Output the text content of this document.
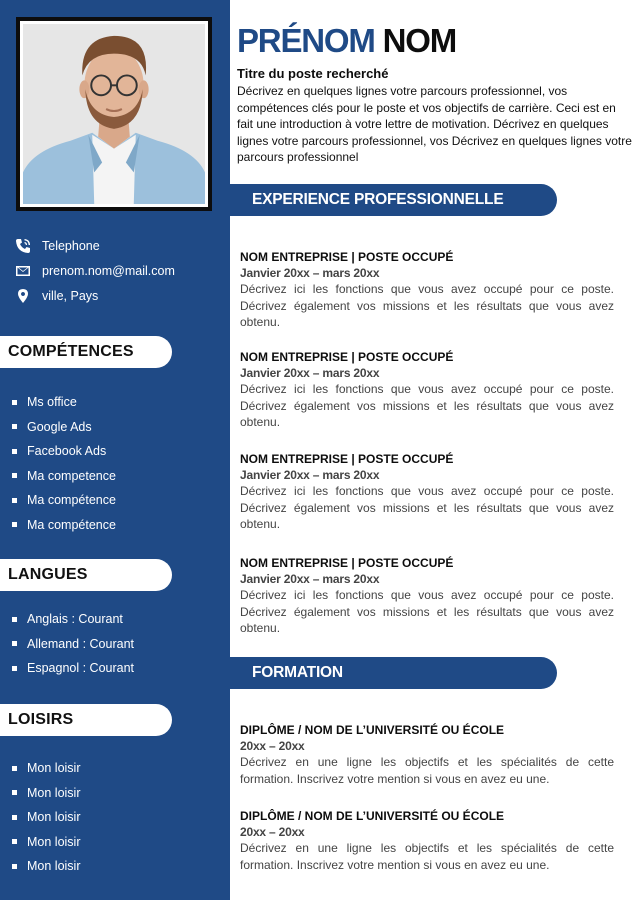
Telephone
prenom.nom@mail.com
ville, Pays
COMPÉTENCES
Ms office
Google Ads
Facebook Ads
Ma competence
Ma compétence
Ma compétence
LANGUES
Anglais : Courant
Allemand : Courant
Espagnol : Courant
LOISIRS
Mon loisir
Mon loisir
Mon loisir
Mon loisir
Mon loisir
PRÉNOM NOM
Titre du poste recherché
Décrivez en quelques lignes votre parcours professionnel, vos compétences clés pour le poste et vos objectifs de carrière. Ceci est en fait une introduction à votre lettre de motivation. Décrivez en quelques lignes votre parcours professionnel, vos Décrivez en quelques lignes votre parcours professionnel
EXPERIENCE PROFESSIONNELLE
NOM ENTREPRISE | POSTE OCCUPÉ
Janvier 20xx – mars 20xx
Décrivez ici les fonctions que vous avez occupé pour ce poste. Décrivez également vos missions et les résultats que vous avez obtenu.
NOM ENTREPRISE | POSTE OCCUPÉ
Janvier 20xx – mars 20xx
Décrivez ici les fonctions que vous avez occupé pour ce poste. Décrivez également vos missions et les résultats que vous avez obtenu.
NOM ENTREPRISE | POSTE OCCUPÉ
Janvier 20xx – mars 20xx
Décrivez ici les fonctions que vous avez occupé pour ce poste. Décrivez également vos missions et les résultats que vous avez obtenu.
NOM ENTREPRISE | POSTE OCCUPÉ
Janvier 20xx – mars 20xx
Décrivez ici les fonctions que vous avez occupé pour ce poste. Décrivez également vos missions et les résultats que vous avez obtenu.
FORMATION
DIPLÔME / NOM DE L’UNIVERSITÉ OU ÉCOLE
20xx – 20xx
Décrivez en une ligne les objectifs et les spécialités de cette formation. Inscrivez votre mention si vous en avez eu une.
DIPLÔME / NOM DE L’UNIVERSITÉ OU ÉCOLE
20xx – 20xx
Décrivez en une ligne les objectifs et les spécialités de cette formation. Inscrivez votre mention si vous en avez eu une.
